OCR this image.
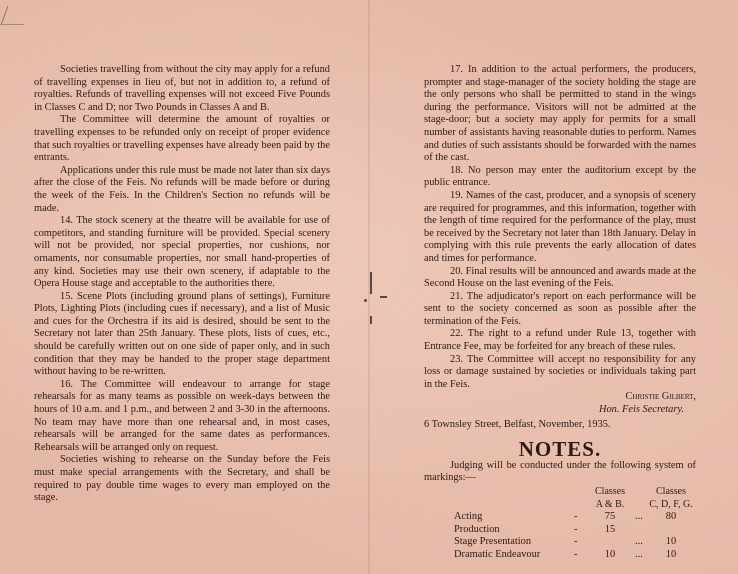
Societies travelling from without the city may apply for a refund of travelling expenses in lieu of, but not in addition to, a refund of royalties. Refunds of travelling expenses will not exceed Five Pounds in Classes C and D; nor Two Pounds in Classes A and B.

The Committee will determine the amount of royalties or travelling expenses to be refunded only on receipt of proper evidence that such royalties or travelling expenses have already been paid by the entrants.

Applications under this rule must be made not later than six days after the close of the Feis. No refunds will be made before or during the week of the Feis. In the Children's Section no refunds will be made.

14. The stock scenery at the theatre will be available for use of competitors, and standing furniture will be provided. Special scenery will not be provided, nor special properties, nor cushions, nor ornaments, nor consumable properties, nor small hand-properties of any kind. Societies may use their own scenery, if adaptable to the Opera House stage and acceptable to the authorities there.

15. Scene Plots (including ground plans of settings), Furniture Plots, Lighting Plots (including cues if necessary), and a list of Music and cues for the Orchestra if its aid is desired, should be sent to the Secretary not later than 25th January. These plots, lists of cues, etc., should be carefully written out on one side of paper only, and in such condition that they may be handed to the proper stage department without having to be re-written.

16. The Committee will endeavour to arrange for stage rehearsals for as many teams as possible on week-days between the hours of 10 a.m. and 1 p.m., and between 2 and 3-30 in the afternoons. No team may have more than one rehearsal and, in most cases, rehearsals will be arranged for the same dates as performances. Rehearsals will be arranged only on request.

Societies wishing to rehearse on the Sunday before the Feis must make special arrangements with the Secretary, and shall be required to pay double time wages to every man employed on the stage.

17. In addition to the actual performers, the producers, prompter and stage-manager of the society holding the stage are the only persons who shall be permitted to stand in the wings during the performance. Visitors will not be admitted at the stage-door; but a society may apply for permits for a small number of assistants having reasonable duties to perform. Names and duties of such assistants should be forwarded with the names of the cast.

18. No person may enter the auditorium except by the public entrance.

19. Names of the cast, producer, and a synopsis of scenery are required for programmes, and this information, together with the length of time required for the performance of the play, must be received by the Secretary not later than 18th January. Delay in complying with this rule prevents the early allocation of dates and times for performance.

20. Final results will be announced and awards made at the Second House on the last evening of the Feis.

21. The adjudicator's report on each performance will be sent to the society concerned as soon as possible after the termination of the Feis.

22. The right to a refund under Rule 13, together with Entrance Fee, may be forfeited for any breach of these rules.

23. The Committee will accept no responsibility for any loss or damage sustained by societies or individuals taking part in the Feis.

Christie Gilbert,
Hon. Feis Secretary.

6 Townsley Street, Belfast, November, 1935.

NOTES.

Judging will be conducted under the following system of markings:—

Classes	Classes
A & B.	C, D, F, G.
Acting	-	75	...	80
Production	-	15
Stage Presentation	-	...	10
Dramatic Endeavour	-	10	...	10
